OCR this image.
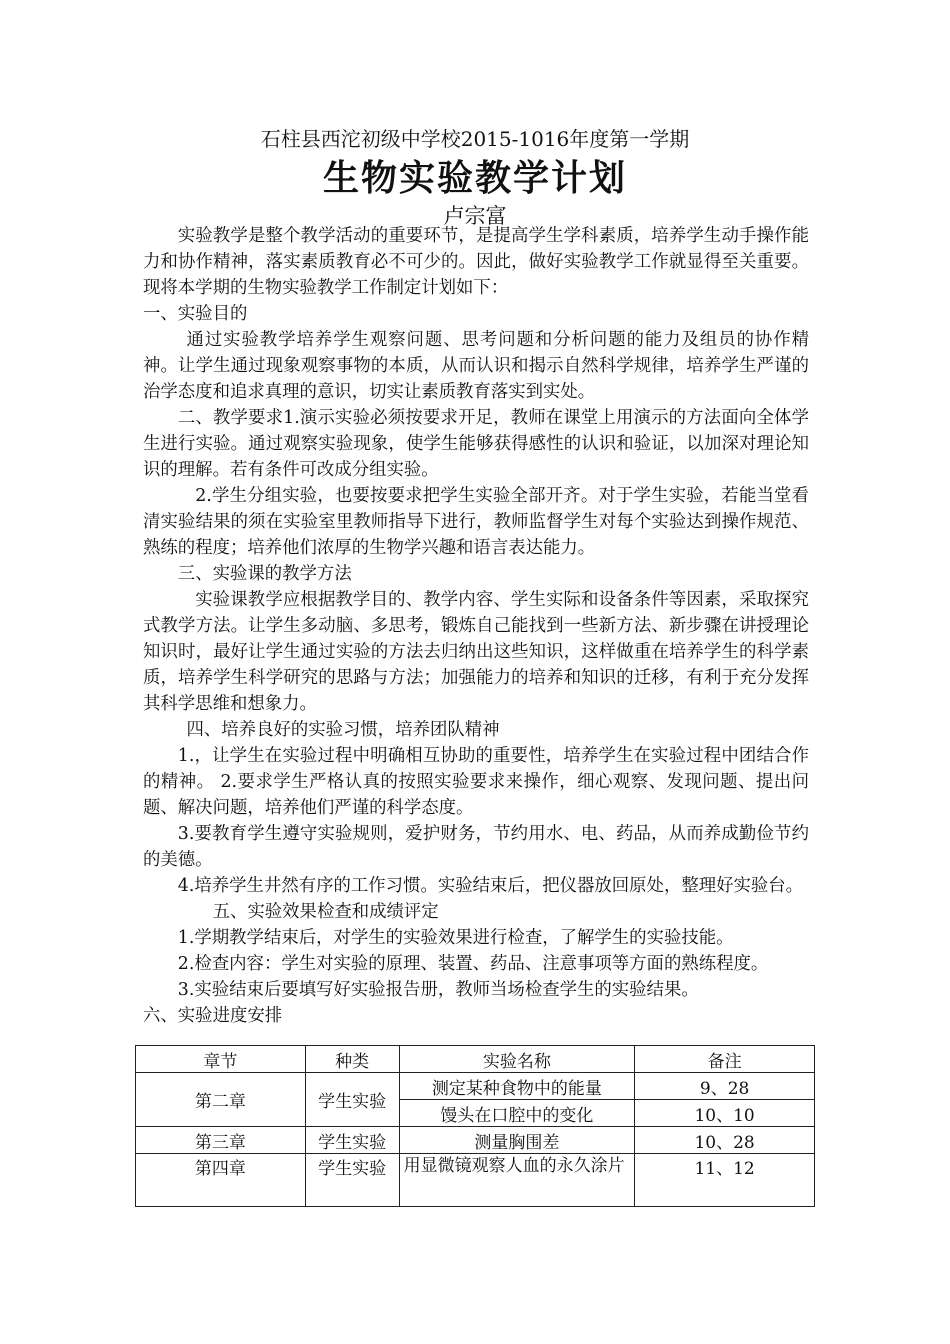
石柱县西沱初级中学校2015-1016年度第一学期
生物实验教学计划
卢宗富

实验教学是整个教学活动的重要环节，是提高学生学科素质，培养学生动手操作能力和协作精神，落实素质教育必不可少的。因此，做好实验教学工作就显得至关重要。现将本学期的生物实验教学工作制定计划如下：

一、实验目的

通过实验教学培养学生观察问题、思考问题和分析问题的能力及组员的协作精神。让学生通过现象观察事物的本质，从而认识和揭示自然科学规律，培养学生严谨的治学态度和追求真理的意识，切实让素质教育落实到实处。

二、教学要求1.演示实验必须按要求开足，教师在课堂上用演示的方法面向全体学生进行实验。通过观察实验现象，使学生能够获得感性的认识和验证，以加深对理论知识的理解。若有条件可改成分组实验。

2.学生分组实验，也要按要求把学生实验全部开齐。对于学生实验，若能当堂看清实验结果的须在实验室里教师指导下进行，教师监督学生对每个实验达到操作规范、熟练的程度；培养他们浓厚的生物学兴趣和语言表达能力。

三、实验课的教学方法

实验课教学应根据教学目的、教学内容、学生实际和设备条件等因素，采取探究式教学方法。让学生多动脑、多思考，锻炼自己能找到一些新方法、新步骤在讲授理论知识时，最好让学生通过实验的方法去归纳出这些知识，这样做重在培养学生的科学素质，培养学生科学研究的思路与方法；加强能力的培养和知识的迁移，有利于充分发挥其科学思维和想象力。

四、培养良好的实验习惯，培养团队精神

1.，让学生在实验过程中明确相互协助的重要性，培养学生在实验过程中团结合作的精神。 2.要求学生严格认真的按照实验要求来操作，细心观察、发现问题、提出问题、解决问题，培养他们严谨的科学态度。

3.要教育学生遵守实验规则，爱护财务，节约用水、电、药品，从而养成勤俭节约的美德。

4.培养学生井然有序的工作习惯。实验结束后，把仪器放回原处，整理好实验台。

五、实验效果检查和成绩评定

1.学期教学结束后，对学生的实验效果进行检查，了解学生的实验技能。

2.检查内容：学生对实验的原理、装置、药品、注意事项等方面的熟练程度。

3.实验结束后要填写好实验报告册，教师当场检查学生的实验结果。

六、实验进度安排

章节	种类	实验名称	备注
第二章	学生实验	测定某种食物中的能量	9、28
		馒头在口腔中的变化	10、10
第三章	学生实验	测量胸围差	10、28
第四章	学生实验	用显微镜观察人血的永久涂片	11、12
